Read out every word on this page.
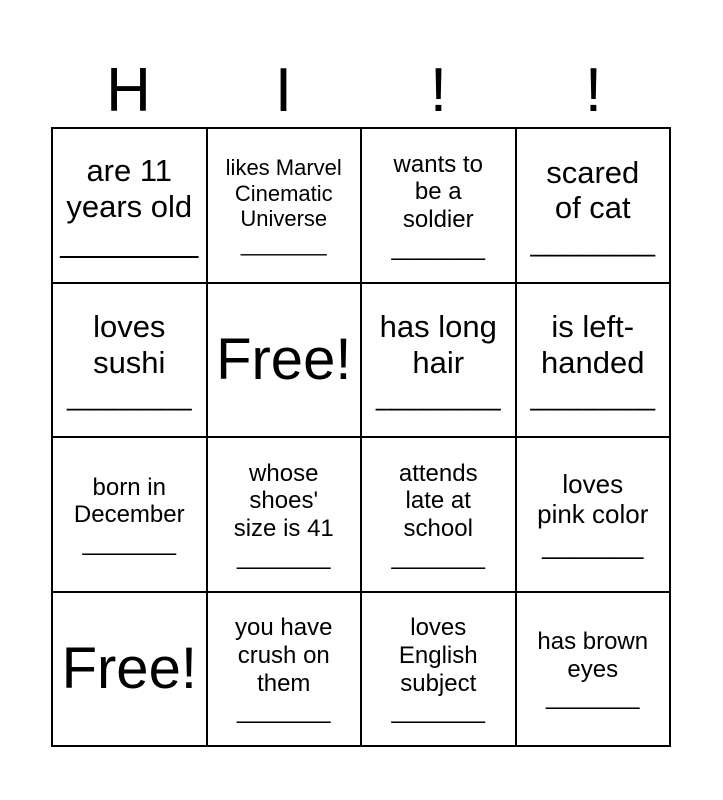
H	I	!	!
are 11
years old
________
likes Marvel
Cinematic
Universe
_______
wants to
be a
soldier
_______
scared
of cat
________
loves
sushi
________
Free!
has long
hair
________
is left-
handed
________
born in
December
_______
whose
shoes'
size is 41
_______
attends
late at
school
_______
loves
pink color
_______
Free!
you have
crush on
them
_______
loves
English
subject
_______
has brown
eyes
_______
